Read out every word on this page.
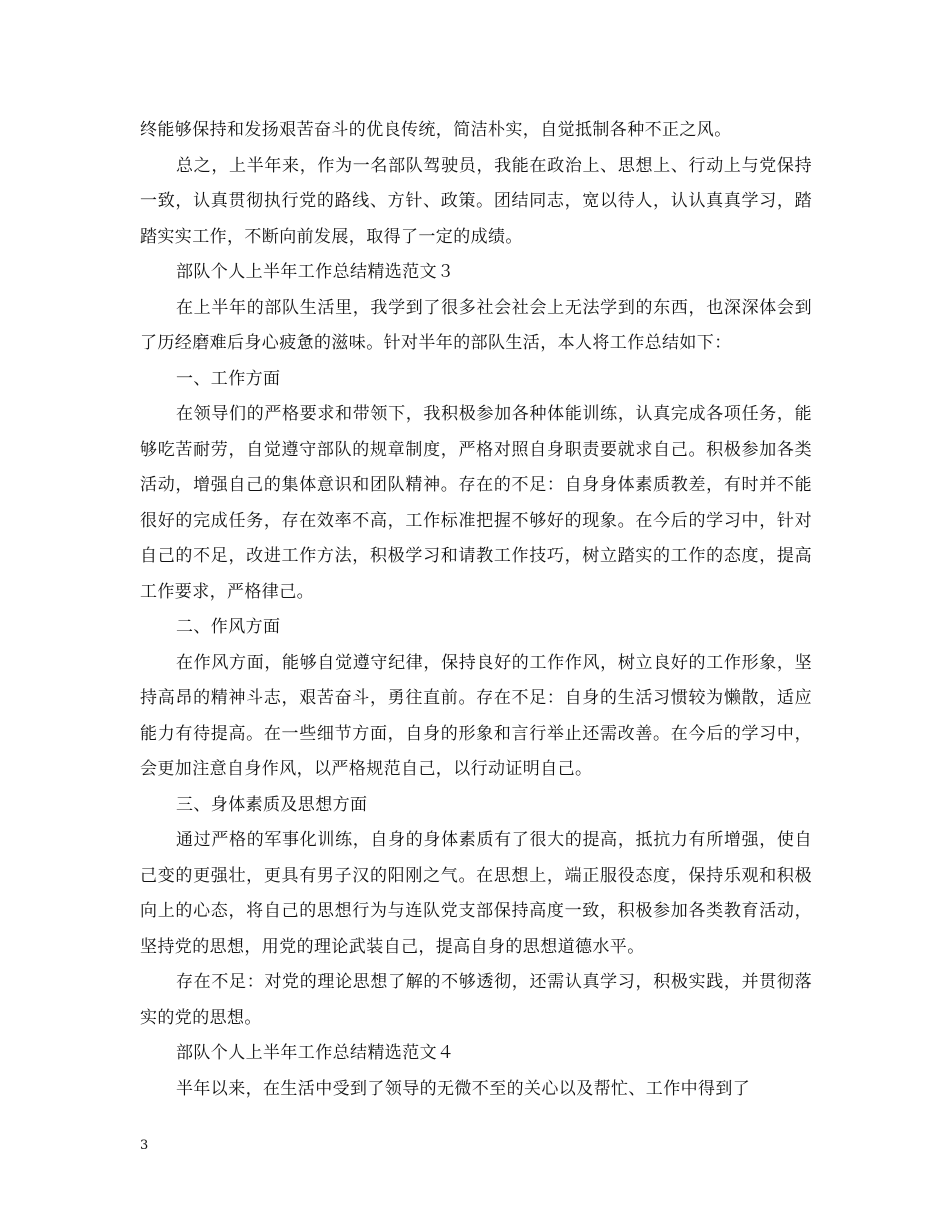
终能够保持和发扬艰苦奋斗的优良传统，简洁朴实，自觉抵制各种不正之风。

总之，上半年来，作为一名部队驾驶员，我能在政治上、思想上、行动上与党保持一致，认真贯彻执行党的路线、方针、政策。团结同志，宽以待人，认认真真学习，踏踏实实工作，不断向前发展，取得了一定的成绩。

部队个人上半年工作总结精选范文３

在上半年的部队生活里，我学到了很多社会社会上无法学到的东西，也深深体会到了历经磨难后身心疲惫的滋味。针对半年的部队生活，本人将工作总结如下：

一、工作方面

在领导们的严格要求和带领下，我积极参加各种体能训练，认真完成各项任务，能够吃苦耐劳，自觉遵守部队的规章制度，严格对照自身职责要就求自己。积极参加各类活动，增强自己的集体意识和团队精神。存在的不足：自身身体素质教差，有时并不能很好的完成任务，存在效率不高，工作标准把握不够好的现象。在今后的学习中，针对自己的不足，改进工作方法，积极学习和请教工作技巧，树立踏实的工作的态度，提高工作要求，严格律己。

二、作风方面

在作风方面，能够自觉遵守纪律，保持良好的工作作风，树立良好的工作形象，坚持高昂的精神斗志，艰苦奋斗，勇往直前。存在不足：自身的生活习惯较为懒散，适应能力有待提高。在一些细节方面，自身的形象和言行举止还需改善。在今后的学习中，会更加注意自身作风，以严格规范自己，以行动证明自己。

三、身体素质及思想方面

通过严格的军事化训练，自身的身体素质有了很大的提高，抵抗力有所增强，使自己变的更强壮，更具有男子汉的阳刚之气。在思想上，端正服役态度，保持乐观和积极向上的心态，将自己的思想行为与连队党支部保持高度一致，积极参加各类教育活动，坚持党的思想，用党的理论武装自己，提高自身的思想道德水平。

存在不足：对党的理论思想了解的不够透彻，还需认真学习，积极实践，并贯彻落实的党的思想。

部队个人上半年工作总结精选范文４

半年以来，在生活中受到了领导的无微不至的关心以及帮忙、工作中得到了

3
